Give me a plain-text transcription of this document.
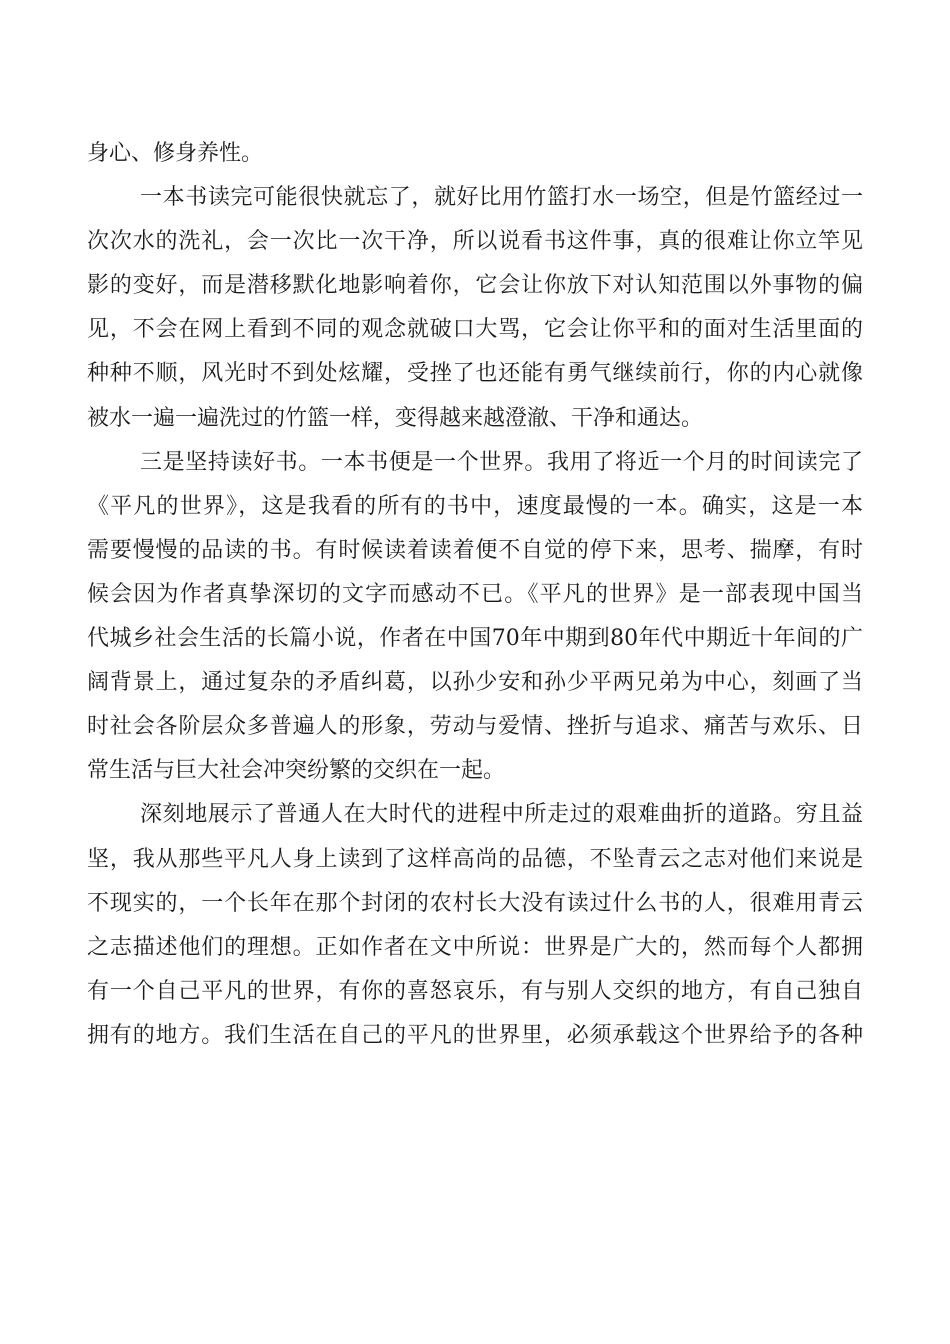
身心、修身养性。
一本书读完可能很快就忘了，就好比用竹篮打水一场空，但是竹篮经过一
次次水的洗礼，会一次比一次干净，所以说看书这件事，真的很难让你立竿见
影的变好，而是潜移默化地影响着你，它会让你放下对认知范围以外事物的偏
见，不会在网上看到不同的观念就破口大骂，它会让你平和的面对生活里面的
种种不顺，风光时不到处炫耀，受挫了也还能有勇气继续前行，你的内心就像
被水一遍一遍洗过的竹篮一样，变得越来越澄澈、干净和通达。
三是坚持读好书。一本书便是一个世界。我用了将近一个月的时间读完了
《平凡的世界》，这是我看的所有的书中，速度最慢的一本。确实，这是一本
需要慢慢的品读的书。有时候读着读着便不自觉的停下来，思考、揣摩，有时
候会因为作者真挚深切的文字而感动不已。《平凡的世界》是一部表现中国当
代城乡社会生活的长篇小说，作者在中国70年中期到80年代中期近十年间的广
阔背景上，通过复杂的矛盾纠葛，以孙少安和孙少平两兄弟为中心，刻画了当
时社会各阶层众多普遍人的形象，劳动与爱情、挫折与追求、痛苦与欢乐、日
常生活与巨大社会冲突纷繁的交织在一起。
深刻地展示了普通人在大时代的进程中所走过的艰难曲折的道路。穷且益
坚，我从那些平凡人身上读到了这样高尚的品德，不坠青云之志对他们来说是
不现实的，一个长年在那个封闭的农村长大没有读过什么书的人，很难用青云
之志描述他们的理想。正如作者在文中所说：世界是广大的，然而每个人都拥
有一个自己平凡的世界，有你的喜怒哀乐，有与别人交织的地方，有自己独自
拥有的地方。我们生活在自己的平凡的世界里，必须承载这个世界给予的各种
